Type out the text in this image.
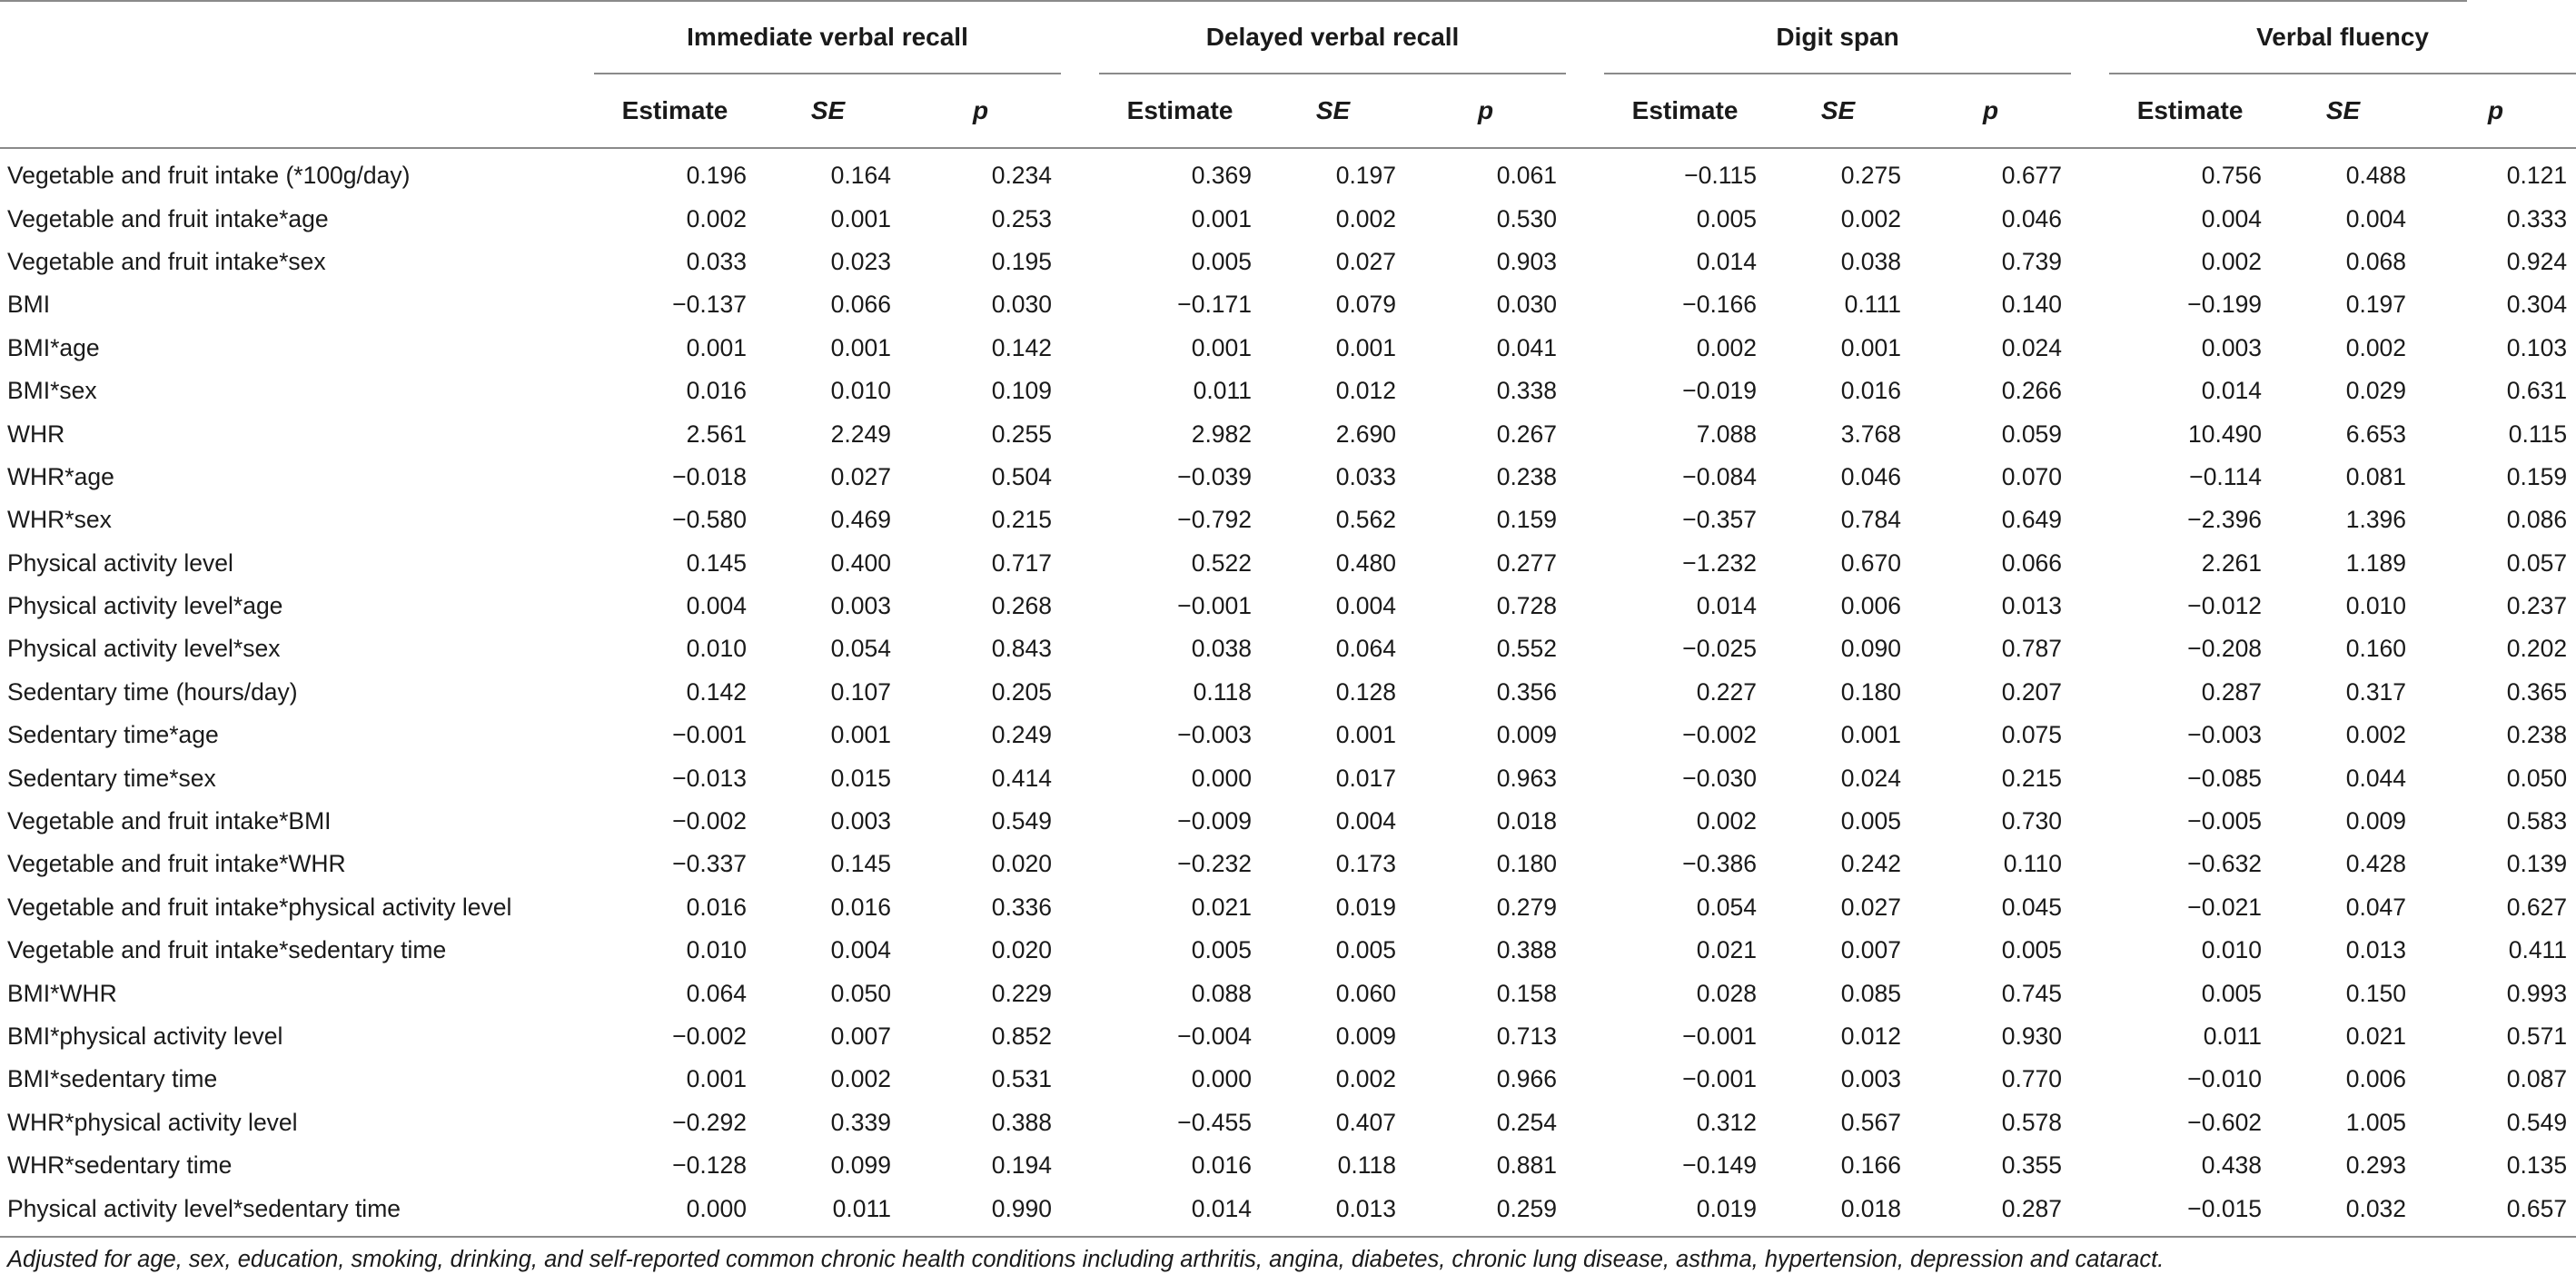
	Immediate verbal recall				Delayed verbal recall				Digit span				Verbal fluency		
	Estimate	SE	p		Estimate	SE	p		Estimate	SE	p		Estimate	SE	p
Vegetable and fruit intake (*100g/day)	0.196	0.164	0.234		0.369	0.197	0.061		−0.115	0.275	0.677		0.756	0.488	0.121
Vegetable and fruit intake*age	0.002	0.001	0.253		0.001	0.002	0.530		0.005	0.002	0.046		0.004	0.004	0.333
Vegetable and fruit intake*sex	0.033	0.023	0.195		0.005	0.027	0.903		0.014	0.038	0.739		0.002	0.068	0.924
BMI	−0.137	0.066	0.030		−0.171	0.079	0.030		−0.166	0.111	0.140		−0.199	0.197	0.304
BMI*age	0.001	0.001	0.142		0.001	0.001	0.041		0.002	0.001	0.024		0.003	0.002	0.103
BMI*sex	0.016	0.010	0.109		0.011	0.012	0.338		−0.019	0.016	0.266		0.014	0.029	0.631
WHR	2.561	2.249	0.255		2.982	2.690	0.267		7.088	3.768	0.059		10.490	6.653	0.115
WHR*age	−0.018	0.027	0.504		−0.039	0.033	0.238		−0.084	0.046	0.070		−0.114	0.081	0.159
WHR*sex	−0.580	0.469	0.215		−0.792	0.562	0.159		−0.357	0.784	0.649		−2.396	1.396	0.086
Physical activity level	0.145	0.400	0.717		0.522	0.480	0.277		−1.232	0.670	0.066		2.261	1.189	0.057
Physical activity level*age	0.004	0.003	0.268		−0.001	0.004	0.728		0.014	0.006	0.013		−0.012	0.010	0.237
Physical activity level*sex	0.010	0.054	0.843		0.038	0.064	0.552		−0.025	0.090	0.787		−0.208	0.160	0.202
Sedentary time (hours/day)	0.142	0.107	0.205		0.118	0.128	0.356		0.227	0.180	0.207		0.287	0.317	0.365
Sedentary time*age	−0.001	0.001	0.249		−0.003	0.001	0.009		−0.002	0.001	0.075		−0.003	0.002	0.238
Sedentary time*sex	−0.013	0.015	0.414		0.000	0.017	0.963		−0.030	0.024	0.215		−0.085	0.044	0.050
Vegetable and fruit intake*BMI	−0.002	0.003	0.549		−0.009	0.004	0.018		0.002	0.005	0.730		−0.005	0.009	0.583
Vegetable and fruit intake*WHR	−0.337	0.145	0.020		−0.232	0.173	0.180		−0.386	0.242	0.110		−0.632	0.428	0.139
Vegetable and fruit intake*physical activity level	0.016	0.016	0.336		0.021	0.019	0.279		0.054	0.027	0.045		−0.021	0.047	0.627
Vegetable and fruit intake*sedentary time	0.010	0.004	0.020		0.005	0.005	0.388		0.021	0.007	0.005		0.010	0.013	0.411
BMI*WHR	0.064	0.050	0.229		0.088	0.060	0.158		0.028	0.085	0.745		0.005	0.150	0.993
BMI*physical activity level	−0.002	0.007	0.852		−0.004	0.009	0.713		−0.001	0.012	0.930		0.011	0.021	0.571
BMI*sedentary time	0.001	0.002	0.531		0.000	0.002	0.966		−0.001	0.003	0.770		−0.010	0.006	0.087
WHR*physical activity level	−0.292	0.339	0.388		−0.455	0.407	0.254		0.312	0.567	0.578		−0.602	1.005	0.549
WHR*sedentary time	−0.128	0.099	0.194		0.016	0.118	0.881		−0.149	0.166	0.355		0.438	0.293	0.135
Physical activity level*sedentary time	0.000	0.011	0.990		0.014	0.013	0.259		0.019	0.018	0.287		−0.015	0.032	0.657
Adjusted for age, sex, education, smoking, drinking, and self-reported common chronic health conditions including arthritis, angina, diabetes, chronic lung disease, asthma, hypertension, depression and cataract.
